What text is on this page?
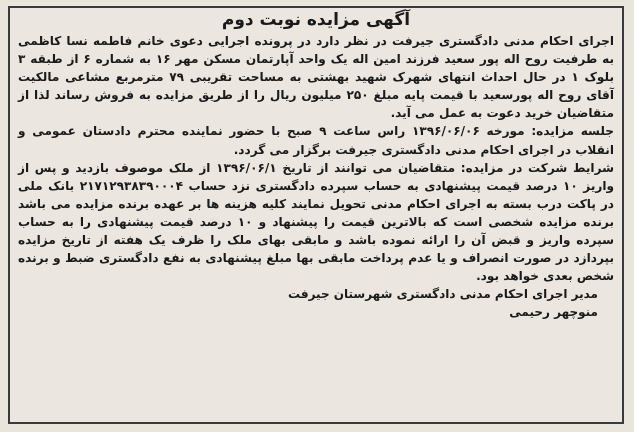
آگهی مزایده نوبت دوم

اجرای احکام مدنی دادگستری جیرفت در نظر دارد در پرونده اجرایی دعوی خانم فاطمه نسا کاظمی به طرفیت روح اله پور سعید فرزند امین اله یک واحد آپارتمان مسکن مهر ۱۶ به شماره ۶ از طبقه ۳ بلوک ۱ در حال احداث انتهای شهرک شهید بهشتی به مساحت تقریبی ۷۹ مترمربع مشاعی مالکیت آقای روح اله پورسعید با قیمت پایه مبلغ ۲۵۰ میلیون ریال را از طریق مزایده به فروش رساند لذا از متقاضیان خرید دعوت به عمل می آید.

جلسه مزایده: مورخه ۱۳۹۶/۰۶/۰۶ راس ساعت ۹ صبح با حضور نماینده محترم دادستان عمومی و انقلاب در اجرای احکام مدنی دادگستری جیرفت برگزار می گردد.

شرایط شرکت در مزایده: متقاضیان می توانند از تاریخ ۱۳۹۶/۰۶/۱ از ملک موصوف بازدید و پس از واریز ۱۰ درصد قیمت پیشنهادی به حساب سپرده دادگستری نزد حساب ۲۱۷۱۲۹۳۸۳۹۰۰۰۴ بانک ملی در پاکت درب بسته به اجرای احکام مدنی تحویل نمایند کلیه هزینه ها بر عهده برنده مزایده می باشد برنده مزایده شخصی است که بالاترین قیمت را پیشنهاد و ۱۰ درصد قیمت پیشنهادی را به حساب سپرده واریز و قبض آن را ارائه نموده باشد و مابقی بهای ملک را ظرف یک هفته از تاریخ مزایده بپردازد در صورت انصراف و یا عدم پرداخت مابقی بها مبلغ پیشنهادی به نفع دادگستری ضبط و برنده شخص بعدی خواهد بود.

مدیر اجرای احکام مدنی دادگستری شهرستان جیرفت
منوچهر رحیمی
